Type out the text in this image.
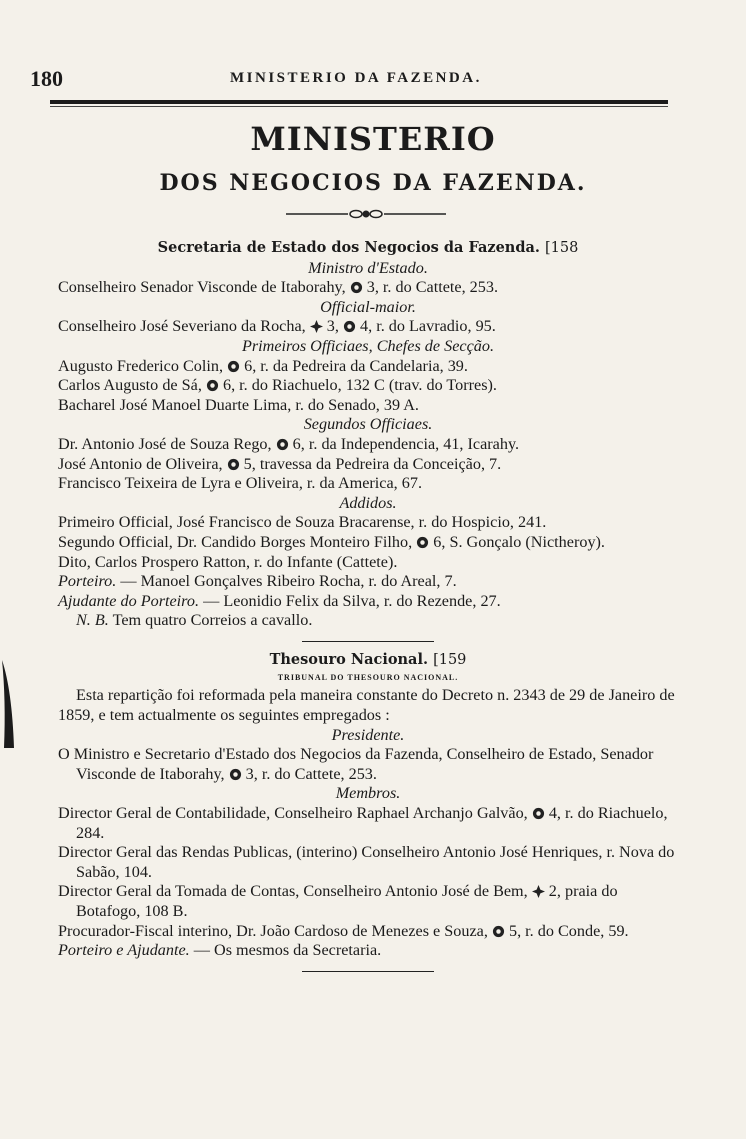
180	MINISTERIO DA FAZENDA.
MINISTERIO
DOS NEGOCIOS DA FAZENDA.
Secretaria de Estado dos Negocios da Fazenda. [158
Ministro d'Estado.
Conselheiro Senador Visconde de Itaborahy,  3, r. do Cattete, 253.
Official-maior.
Conselheiro José Severiano da Rocha,  3,  4, r. do Lavradio, 95.
Primeiros Officiaes, Chefes de Secção.
Augusto Frederico Colin,  6, r. da Pedreira da Candelaria, 39.
Carlos Augusto de Sá,  6, r. do Riachuelo, 132 C (trav. do Torres).
Bacharel José Manoel Duarte Lima, r. do Senado, 39 A.
Segundos Officiaes.
Dr. Antonio José de Souza Rego,  6, r. da Independencia, 41, Icarahy.
José Antonio de Oliveira,  5, travessa da Pedreira da Conceição, 7.
Francisco Teixeira de Lyra e Oliveira, r. da America, 67.
Addidos.
Primeiro Official, José Francisco de Souza Bracarense, r. do Hospicio, 241.
Segundo Official, Dr. Candido Borges Monteiro Filho,  6, S. Gonçalo (Nictheroy).
Dito, Carlos Prospero Ratton, r. do Infante (Cattete).
Porteiro. — Manoel Gonçalves Ribeiro Rocha, r. do Areal, 7.
Ajudante do Porteiro. — Leonidio Felix da Silva, r. do Rezende, 27.
N. B. Tem quatro Correios a cavallo.
Thesouro Nacional. [159
TRIBUNAL DO THESOURO NACIONAL.
Esta repartição foi reformada pela maneira constante do Decreto n. 2343 de 29 de Janeiro de 1859, e tem actualmente os seguintes empregados :
Presidente.
O Ministro e Secretario d'Estado dos Negocios da Fazenda, Conselheiro de Estado, Senador Visconde de Itaborahy,  3, r. do Cattete, 253.
Membros.
Director Geral de Contabilidade, Conselheiro Raphael Archanjo Galvão,  4, r. do Riachuelo, 284.
Director Geral das Rendas Publicas, (interino) Conselheiro Antonio José Henriques, r. Nova do Sabão, 104.
Director Geral da Tomada de Contas, Conselheiro Antonio José de Bem,  2, praia do Botafogo, 108 B.
Procurador-Fiscal interino, Dr. João Cardoso de Menezes e Souza,  5, r. do Conde, 59.
Porteiro e Ajudante. — Os mesmos da Secretaria.
